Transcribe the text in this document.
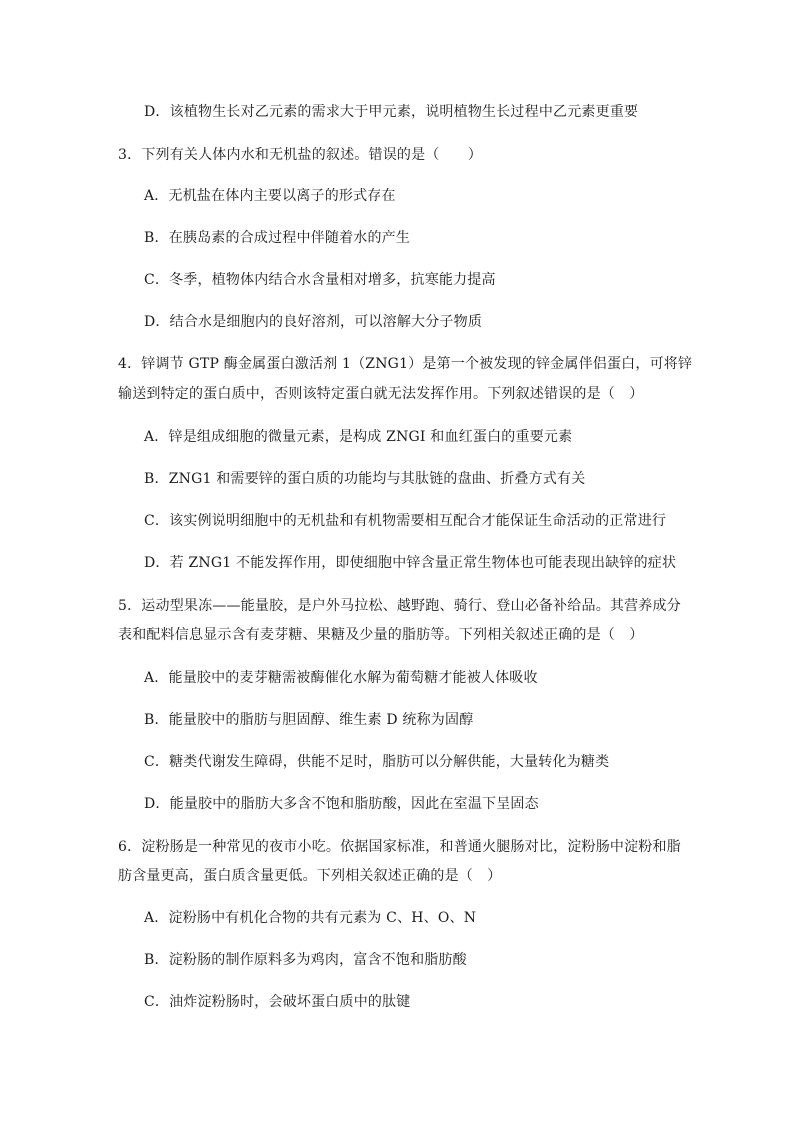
D．该植物生长对乙元素的需求大于甲元素，说明植物生长过程中乙元素更重要
3．下列有关人体内水和无机盐的叙述。错误的是（　　）
A．无机盐在体内主要以离子的形式存在
B．在胰岛素的合成过程中伴随着水的产生
C．冬季，植物体内结合水含量相对增多，抗寒能力提高
D．结合水是细胞内的良好溶剂，可以溶解大分子物质
4．锌调节 GTP 酶金属蛋白激活剂 1（ZNG1）是第一个被发现的锌金属伴侣蛋白，可将锌
输送到特定的蛋白质中，否则该特定蛋白就无法发挥作用。下列叙述错误的是（　）
A．锌是组成细胞的微量元素，是构成 ZNGI 和血红蛋白的重要元素
B．ZNG1 和需要锌的蛋白质的功能均与其肽链的盘曲、折叠方式有关
C．该实例说明细胞中的无机盐和有机物需要相互配合才能保证生命活动的正常进行
D．若 ZNG1 不能发挥作用，即使细胞中锌含量正常生物体也可能表现出缺锌的症状
5．运动型果冻——能量胶，是户外马拉松、越野跑、骑行、登山必备补给品。其营养成分
表和配料信息显示含有麦芽糖、果糖及少量的脂肪等。下列相关叙述正确的是（　）
A．能量胶中的麦芽糖需被酶催化水解为葡萄糖才能被人体吸收
B．能量胶中的脂肪与胆固醇、维生素 D 统称为固醇
C．糖类代谢发生障碍，供能不足时，脂肪可以分解供能，大量转化为糖类
D．能量胶中的脂肪大多含不饱和脂肪酸，因此在室温下呈固态
6．淀粉肠是一种常见的夜市小吃。依据国家标准，和普通火腿肠对比，淀粉肠中淀粉和脂
肪含量更高，蛋白质含量更低。下列相关叙述正确的是（　）
A．淀粉肠中有机化合物的共有元素为 C、H、O、N
B．淀粉肠的制作原料多为鸡肉，富含不饱和脂肪酸
C．油炸淀粉肠时，会破坏蛋白质中的肽键
